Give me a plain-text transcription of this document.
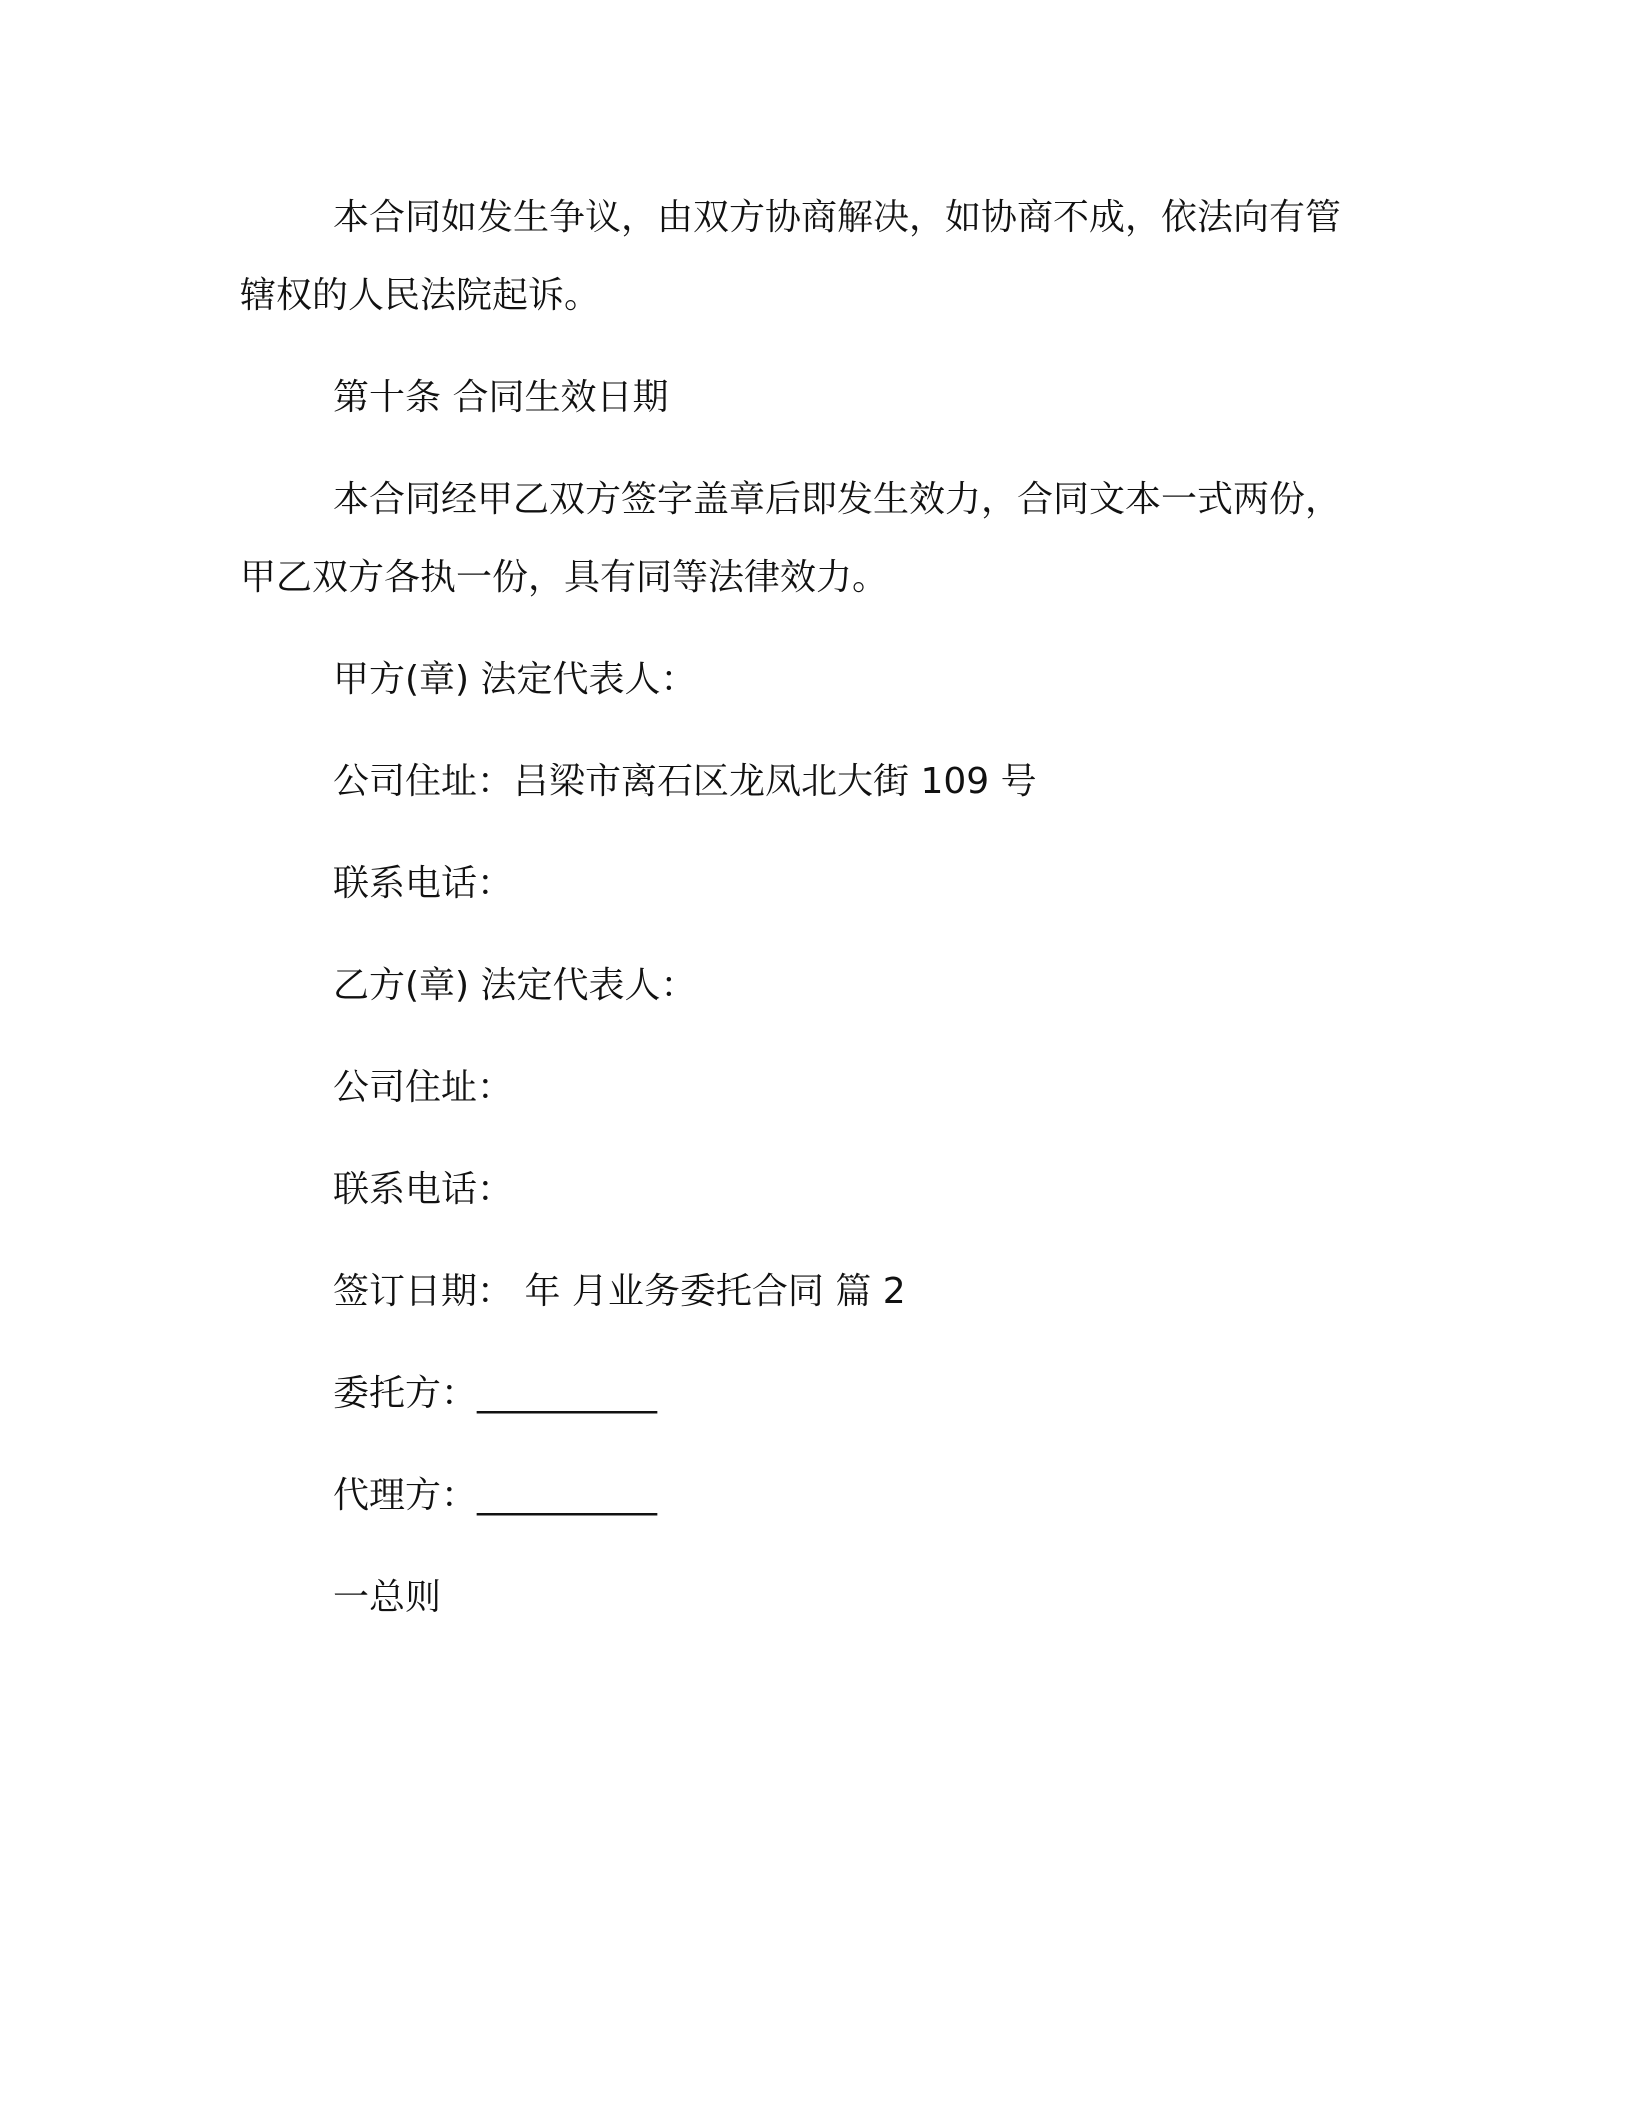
本合同如发生争议，由双方协商解决，如协商不成，依法向有管
辖权的人民法院起诉。
第十条 合同生效日期
本合同经甲乙双方签字盖章后即发生效力，合同文本一式两份，
甲乙双方各执一份，具有同等法律效力。
甲方(章) 法定代表人：
公司住址：吕梁市离石区龙凤北大街 109 号
联系电话：
乙方(章) 法定代表人：
公司住址：
联系电话：
签订日期： 年 月业务委托合同 篇 2
委托方：__________
代理方：__________
一总则
